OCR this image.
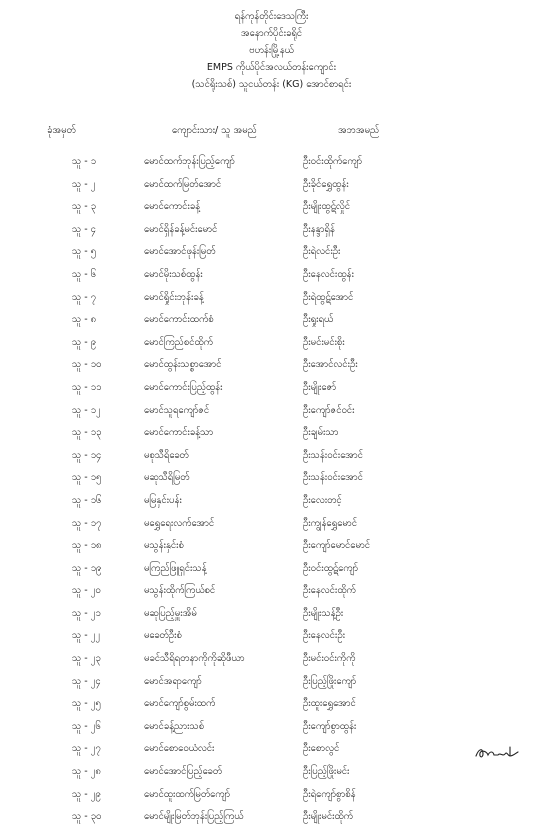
ရန်ကုန်တိုင်းဒေသကြီး
အနောက်ပိုင်းခရိုင်
ဗဟန်းမြို့နယ်
EMPS ကိုယ်ပိုင်အလယ်တန်းကျောင်း
(သင်ရိုးသစ်) သူငယ်တန်း (KG) အောင်စာရင်း
ခုံအမှတ်	ကျောင်းသား/ သူ အမည်	အဘအမည်
သူ - ၁	မောင်ထက်ဘုန်းပြည့်ကျော်	ဦးဝင်းထိုက်ကျော်
သူ - ၂	မောင်ထက်မြတ်အောင်	ဦးခိုင်ရွှေထွန်း
သူ - ၃	မောင်ကောင်းခန့်	ဦးမျိုးထွဋ်လှိုင်
သူ - ၄	မောင်ရှိန်ခန့်မင်းမောင်	ဦးနန္ဒာရှိန်
သူ - ၅	မောင်အောင်ဖုန်းမြတ်	ဦးရဲလင်းဦး
သူ - ၆	မောင်မိုးသစ်ထွန်း	ဦးနေလင်းထွန်း
သူ - ၇	မောင်ရှိုင်းဘုန်းခန့်	ဦးရဲထွဋ်အောင်
သူ - ၈	မောင်ကောင်းထက်စံ	ဦးရှုးရယ်
သူ - ၉	မောင်ကြည်စင်ထိုက်	ဦးမင်းမင်းစိုး
သူ - ၁၀	မောင်ထွန်းသစ္စာအောင်	ဦးအောင်လင်းဦး
သူ - ၁၁	မောင်ကောင်းပြည့်ထွန်း	ဦးမျိုးဇော်
သူ - ၁၂	မောင်သူရကျော်ဇင်	ဦးကျော်ဇင်ဝင်း
သူ - ၁၃	မောင်ကောင်းခန့်သာ	ဦးချမ်းသာ
သူ - ၁၄	မစုသီရိခေတ်	ဦးသန်းဝင်းအောင်
သူ - ၁၅	မဆုသီရိမြတ်	ဦးသန်းဝင်းအောင်
သူ - ၁၆	မမြနှင်းပန်း	ဦးလေးတင့်
သူ - ၁၇	မရွှေရေးလက်အောင်	ဦးကျွန်ရွှေမောင်
သူ - ၁၈	မသွန်းနှင်းစံ	ဦးကျော်မောင်မောင်
သူ - ၁၉	မကြည်ဖြူရှင်းသန့်	ဦးဝင်းထွဋ်ကျော်
သူ - ၂၀	မသွန်းထိုက်ကြယ်စင်	ဦးနေလင်းထိုက်
သူ - ၂၁	မဆုပြည့်မှူးအိမ်	ဦးမျိုးသန့်ဦး
သူ - ၂၂	မခေတ်ဦးစံ	ဦးနေလင်းဦး
သူ - ၂၃	မခင်သီရိရတနာကိုကိုဆိုဖီယာ	ဦးမင်းဝင်းကိုကို
သူ - ၂၄	မောင်အရာကျော်	ဦးပြည့်ဖြိုးကျော်
သူ - ၂၅	မောင်ကျော်စွမ်းထက်	ဦးထူးရွှေအောင်
သူ - ၂၆	မောင်ခန့်ညားသစ်	ဦးကျော်စွာထွန်း
သူ - ၂၇	မောင်စောဝေယံလင်း	ဦးစောလွင်
သူ - ၂၈	မောင်အောင်ပြည့်ခေတ်	ဦးပြည့်ဖြိုးမင်း
သူ - ၂၉	မောင်ထူးထက်မြတ်ကျော်	ဦးရဲကျော်စွာစိန်
သူ - ၃၀	မောင်မျိုးမြတ်ဘုန်းပြည့်ကြယ်	ဦးမျိုးမင်းထိုက်
